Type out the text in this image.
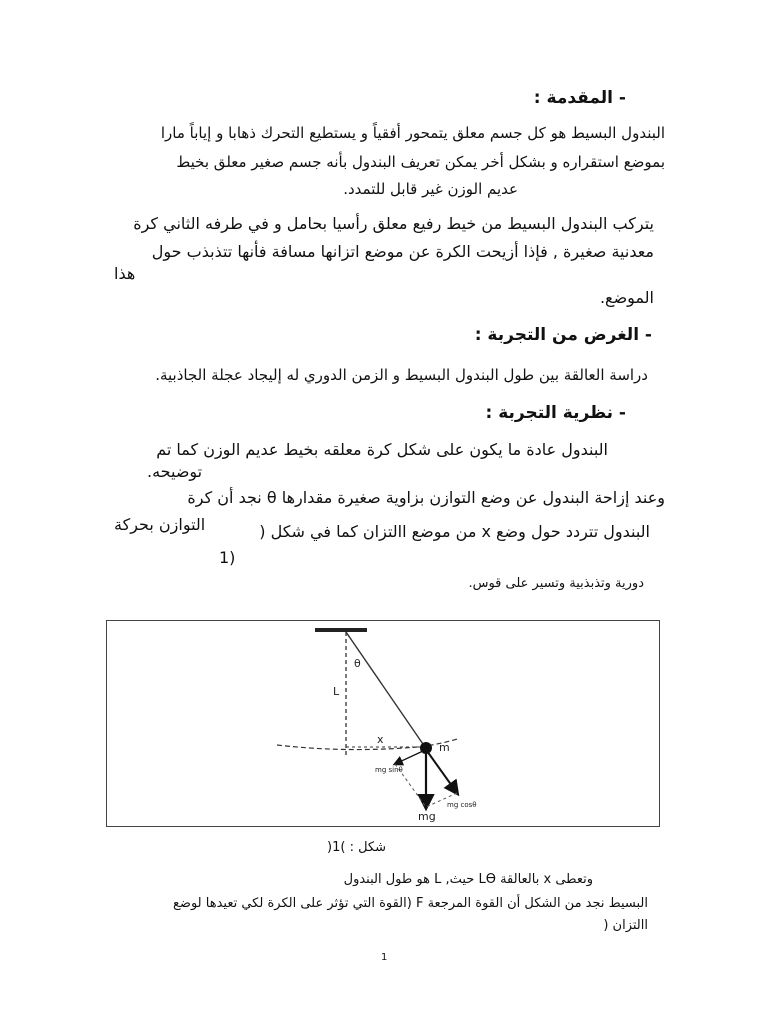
- المقدمة :
البندول البسيط هو كل جسم معلق يتمحور أفقياً و يستطيع التحرك ذهابا و إياباً مارا
بموضع استقراره و بشكل أخر يمكن تعريف البندول بأنه جسم صغير معلق بخيط
عديم الوزن غير قابل للتمدد.
يتركب البندول البسيط من خيط رفيع معلق رأسيا بحامل و في طرفه الثاني كرة
معدنية صغيرة , فإذا أزيحت الكرة عن موضع اتزانها مسافة فأنها تتذبذب حول
هذا
الموضع.
- الغرض من التجربة :
دراسة العالقة بين طول البندول البسيط و الزمن الدوري له إليجاد عجلة الجاذبية.
- نظرية التجربة :
البندول عادة ما يكون على شكل كرة معلقه بخيط عديم الوزن كما تم
توضيحه.
وعند إزاحة البندول عن وضع التوازن بزاوية صغيرة مقدارها θ نجد أن كرة
التوازن بحركة	البندول تتردد حول وضع x من موضع االتزان كما في شكل (
1)
دورية وتذبذبية وتسير على قوس.
θ
L
x
m
mg sinθ
mg cosθ
mg
شكل : )1(
وتعطى x بالعالقة Lϴ حيث, L هو طول البندول
البسيط نجد من الشكل أن القوة المرجعة F (القوة التي تؤثر على الكرة لكي تعيدها لوضع
االتزان (
1
